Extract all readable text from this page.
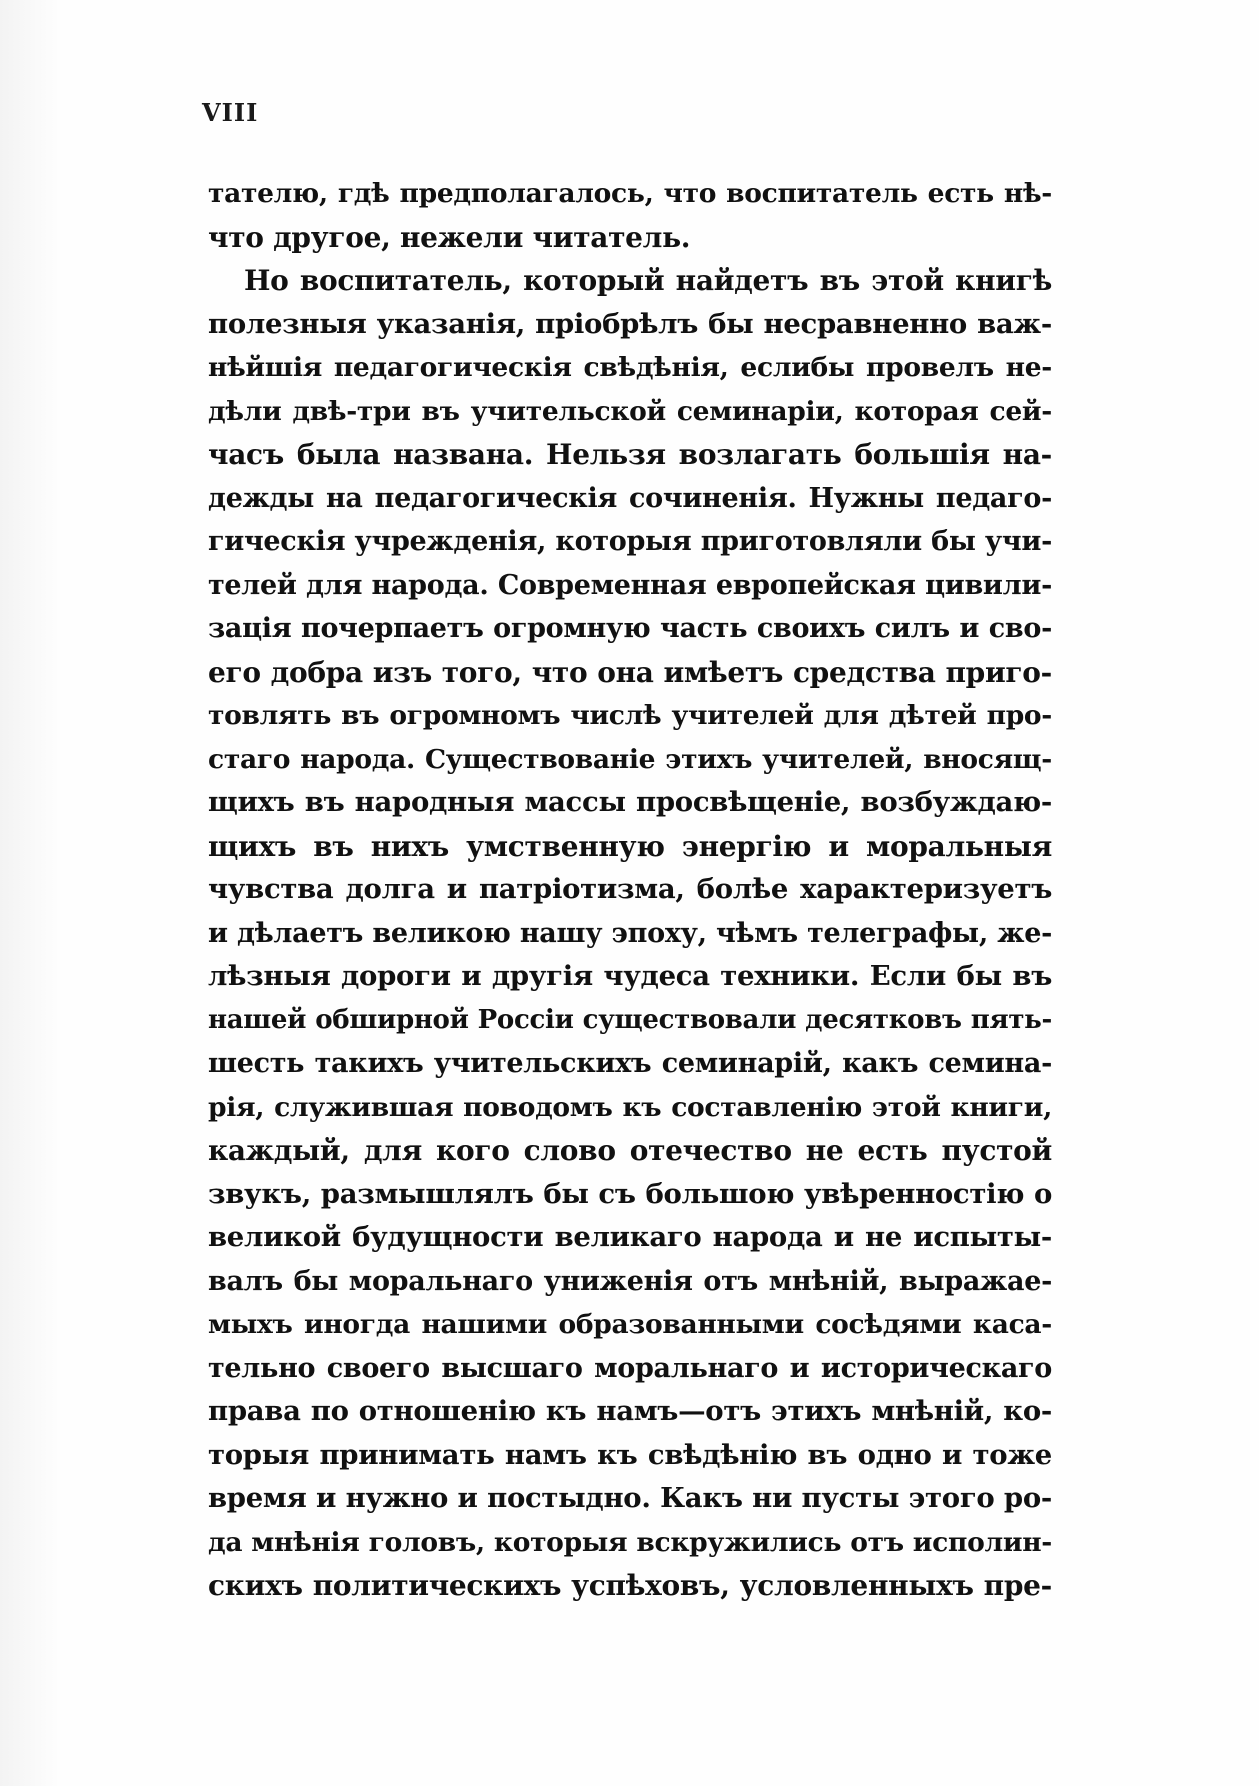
VIII
тателю, гдѣ предполагалось, что воспитатель есть нѣ-
что другое, нежели читатель.
Но воспитатель, который найдетъ въ этой книгѣ
полезныя указанія, пріобрѣлъ бы несравненно важ-
нѣйшія педагогическія свѣдѣнія, еслибы провелъ не-
дѣли двѣ-три въ учительской семинаріи, которая сей-
часъ была названа. Нельзя возлагать большія на-
дежды на педагогическія сочиненія. Нужны педаго-
гическія учрежденія, которыя приготовляли бы учи-
телей для народа. Современная европейская цивили-
зація почерпаетъ огромную часть своихъ силъ и сво-
его добра изъ того, что она имѣетъ средства приго-
товлять въ огромномъ числѣ учителей для дѣтей про-
стаго народа. Существованіе этихъ учителей, вносящ-
щихъ въ народныя массы просвѣщеніе, возбуждаю-
щихъ въ нихъ умственную энергію и моральныя
чувства долга и патріотизма, болѣе характеризуетъ
и дѣлаетъ великою нашу эпоху, чѣмъ телеграфы, же-
лѣзныя дороги и другія чудеса техники. Если бы въ
нашей обширной Россіи существовали десятковъ пять-
шесть такихъ учительскихъ семинарій, какъ семина-
рія, служившая поводомъ къ составленію этой книги,
каждый, для кого слово отечество не есть пустой
звукъ, размышлялъ бы съ большою увѣренностію о
великой будущности великаго народа и не испыты-
валъ бы моральнаго униженія отъ мнѣній, выражае-
мыхъ иногда нашими образованными сосѣдями каса-
тельно своего высшаго моральнаго и историческаго
права по отношенію къ намъ—отъ этихъ мнѣній, ко-
торыя принимать намъ къ свѣдѣнію въ одно и тоже
время и нужно и постыдно. Какъ ни пусты этого ро-
да мнѣнія головъ, которыя вскружились отъ исполин-
скихъ политическихъ успѣховъ, условленныхъ пре-
